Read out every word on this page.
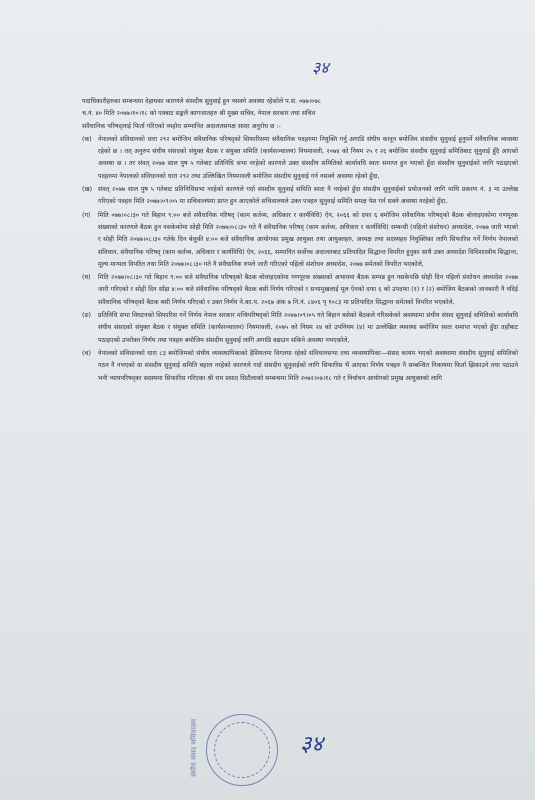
३४

पदाधिकारीहरुका सम्बन्धमा देहायका कारणले संसदीय सुनुवाई हुन नसक्ने अवस्था रहेकोले प.सं. ०७७।०७८

च.नं. ४० मिति २०७७।१०।१८ को पत्रबाट सङ्कलै कागजातहरु श्री मुख्य सचिव, नेपाल सरकार तथा सचिव

संवैधानिक परिषद्लाई फिर्ता गरिएको व्यहोरा सम्मानित अदालतसमक्ष सादर अनुरोध छ :-

(क) नेपालको संविधानको धारा २९२ बमोजिम संवैधानिक परिषद्को सिफारिसमा संवैधानिक पदहरुमा नियुक्ति गर्नु अगाडि संघीय कानून बमोजिम संसदीय सुनुवाई हुनुपर्ने संवैधानिक व्यवस्था रहेको छ । तत् अनुरुप संघीय संसदको संयुक्त बैठक र संयुक्त समिति (कार्यसञ्चालन) नियमावली, २०७४ को नियम २५ र २६ बमोजिम संसदीय सुनुवाई समितिबाट सुनुवाई हुँदै आएको अवस्था छ । तर संवत् २०७७ साल पुष ५ गतेबाट प्रतिनिधि सभा नरहेको कारणले उक्त संसदीय समितिको कार्यावधि स्वतः समाप्त हुन भएको हुँदा संसदीय सुनुवाईको लागि पठाइएको पदहरुमा नेपालको संविधानको धारा २९२ तथा उल्लिखित नियमावली बमोजिम संसदीय सुनुवाई गर्न नसक्ने अवस्था रहेको हुँदा,
(ख) संवत् २०७७ साल पुष ५ गतेबाट प्रतिनिधिसभा नरहेको कारणले गर्दा संसदीय सुनुवाई समिति स्वतः नै नरहेको हुँदा संसदीय सुनुवाईको प्रयोजनको लागि माथि प्रकरण नं. ३ मा उल्लेख गरिएको पत्रहरु मिति २०७७।०९।०५ मा सचिवालयमा प्राप्त हुन आएकोले सचिवालयले उक्त पत्रहरु सुनुवाई समिति समक्ष पेश गर्न सक्ने अवस्था नरहेको हुँदा,
(ग)	मिति ०७७।०८।३० गते बिहान ९:०० बजे संवैधानिक परिषद् (काम कर्तव्य, अधिकार र कार्यविधि) ऐन, २०६६ को दफा ६ बमोजिम संवैधानिक परिषद्को बैठक बोलाइएकोमा गणपूरक संख्याको कारणले बैठक हुन नसकेकोमा सोही मिति २०७७।०८।३० गते नै संवैधानिक परिषद् (काम कर्तव्य, अधिकार र कार्यविधि) सम्बन्धी (पहिलो संशोधन) अध्यादेश, २०७७ जारी भएको र सोही मिति २०७७।०८।३० गतेके दिन बेलुकी ४:०० बजे संवैधानिक आयोगका प्रमुख आयुक्त तथा आयुक्तहरु, अध्यक्ष तथा सदस्यहरु नियुक्तिका लागि सिफारिस गर्ने निर्णय नेपालको संविधान, संवैधानिक परिषद् (काम कर्तव्य, अधिकार र कार्यविधि) ऐन, २०६६, सम्मानित सर्वोच्च अदालतबाट प्रतिपादित सिद्धान्त विपरित हुनुका साथै उक्त अध्यादेश विधिशास्त्रीय सिद्धान्त, मूल्य मान्यता विपरित तथा मिति २०७७।०८।३० गते नै संवैधानिक रुपले जारी गरिएको पहिलो संशोधन अध्यादेश, २०७७ समेतको विपरित भएकोले,
(घ)	मिति २०७७।०८।३० गते बिहान ९:०० बजे संवैधानिक परिषद्को बैठक बोलाइएकोमा गणपूरक संख्याको अभावमा बैठक सम्पन्न हुन नसकेपछि सोही दिन पहिलो संशोधन अध्यादेश २०७७ जारी गरिएको र सोही दिन साँझ ४:०० बजे संवैधानिक परिषद्को बैठक बसी निर्णय गरिएको र सभामुखलाई मूल ऐनको दफा ६ को उपदफा (१) र (२) बमोजिम बैठकको जानकारी नै नदिई संवैधानिक परिषद्को बैठक बसी निर्णय गरिएको र उक्त निर्णय ने.का.प. २०६७ अंक ७ नि.नं. ८४०६ पृ १०८३ मा प्रतिपादित सिद्धान्त समेतको विपरित भएकोले,
(ङ)	प्रतिनिधि सभा विघटनको सिफारिस गर्ने निर्णय नेपाल सरकार मन्त्रिपरिषद्को मिति २०७७।०९।०५ गते बिहान बसेको बैठकले गरिसकेको अवस्थामा संघीय संसद सुनुवाई समितिको कार्यावधि संघीय संसदको संयुक्त बैठक र संयुक्त समिति (कार्यसञ्चालन) नियमावली, २०७५ को नियम २४ को उपनियम (४) मा उल्लेखित व्यवस्था बमोजिम स्वतः समाप्त भएको हुँदा तहाँबाट पठाइएको उपरोक्त निर्णय तथा पत्रहरु बमोजिम संसदीय सुनुवाई लागि अगाडि बढाउन सकिने अवस्था नभएकोले,
(च)	नेपालको संविधानको धारा ८३ बमोजिमको संघीय व्यवस्थापिकाको हैसियतमा विगतमा रहेको संविधानसभा तथा व्यवस्थापिका—संसद कायम भएको अवस्थामा संसदीय सुनुवाई समितिको गठन नै नभएको वा संसदीय सुनुवाई समिति बहाल नरहेको कारणले गर्दा संसदीय सुनुवाईको लागि सिफारिस भै आएका निर्णय पत्रहरु नै सम्बन्धित निकायमा फिर्ता झिकाउने तथा पठाउने भनी न्यायपरिषद्का सदस्यमा सिफारिस गरिएका श्री राम प्रसाद सिटौलाको सम्बन्धमा मिति २०७२।०७।१८ गते र निर्वाचन आयोगको प्रमुख आयुक्तको लागि
संघीय संसद सचिवालय	३४
